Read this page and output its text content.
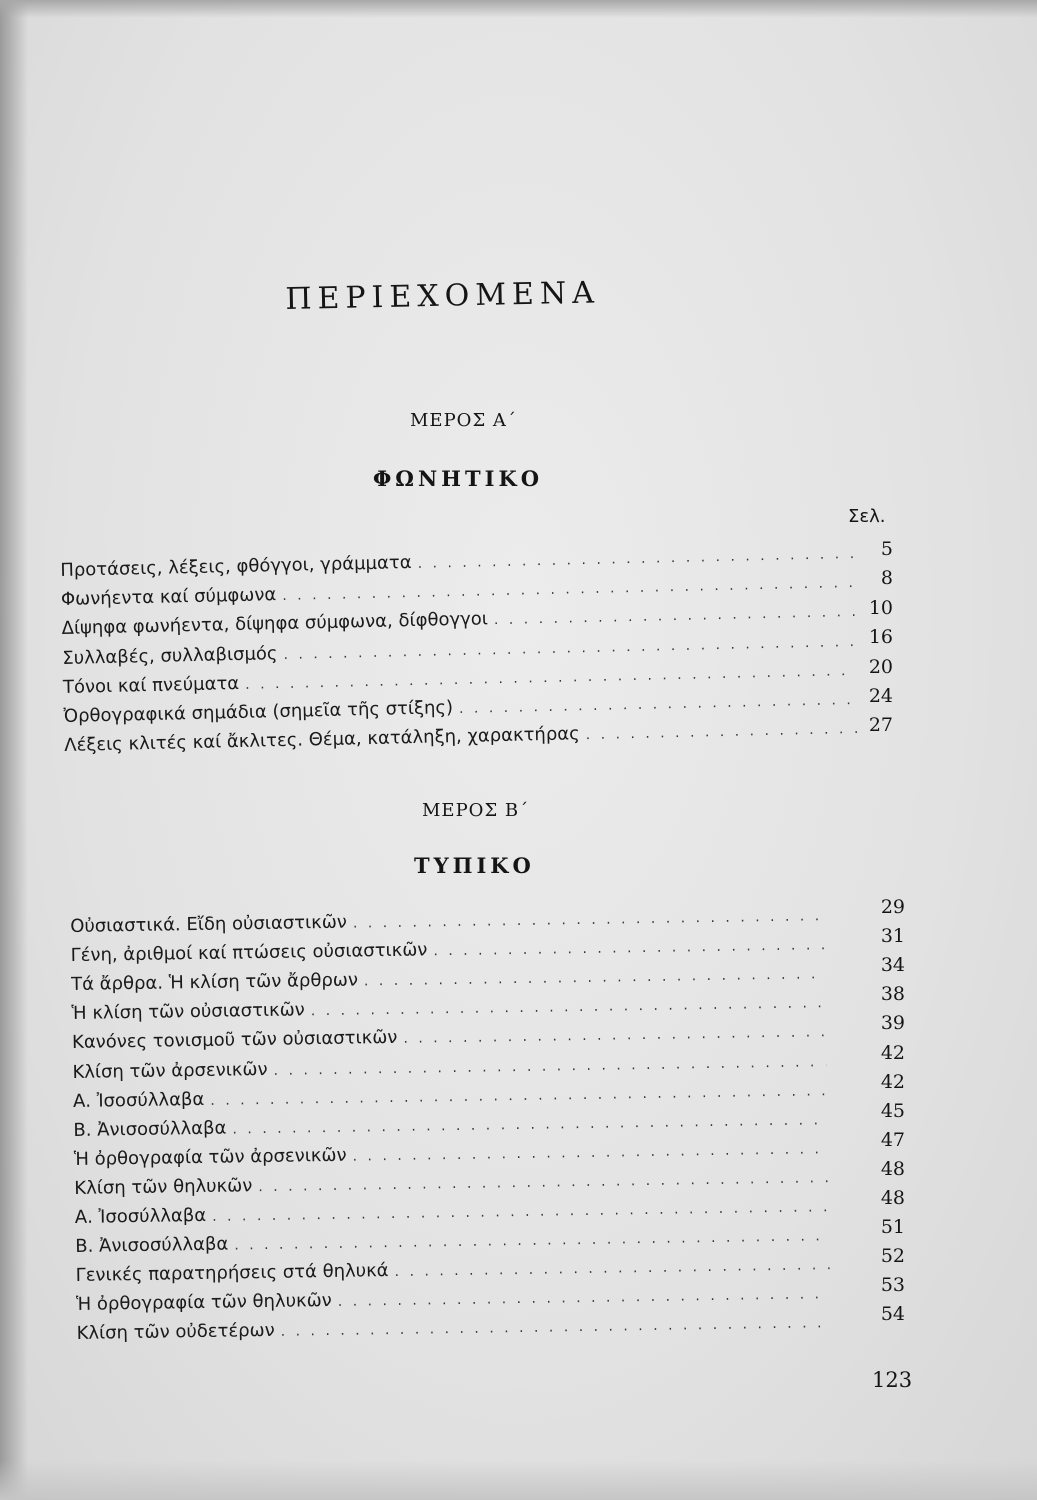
ΠΕΡΙΕΧΟΜΕΝΑ
ΜΕΡΟΣ Α΄
ΦΩΝΗΤΙΚΟ
Σελ.
Προτάσεις, λέξεις, φθόγγοι, γράμματα
. . .
Φωνήεντα καί σύμφωνα
. . .
Δίψηφα φωνήεντα, δίψηφα σύμφωνα, δίφθογγοι
. . .
Συλλαβές, συλλαβισμός
. . .
Τόνοι καί πνεύματα
. . .
Ὀρθογραφικά σημάδια (σημεῖα τῆς στίξης)
. . .
Λέξεις κλιτές καί ἄκλιτες. Θέμα, κατάληξη, χαρακτήρας
. . .
5
8
10
16
20
24
27
ΜΕΡΟΣ Β΄
ΤΥΠΙΚΟ
Οὐσιαστικά. Εἴδη οὐσιαστικῶν
. . .
Γένη, ἀριθμοί καί πτώσεις οὐσιαστικῶν
. . .
Τά ἄρθρα. Ἡ κλίση τῶν ἄρθρων
. . .
Ἡ κλίση τῶν οὐσιαστικῶν
. . .
Κανόνες τονισμοῦ τῶν οὐσιαστικῶν
. . .
Κλίση τῶν ἀρσενικῶν
. . .
Α. Ἰσοσύλλαβα
. . .
Β. Ἀνισοσύλλαβα
. . .
Ἡ ὀρθογραφία τῶν ἀρσενικῶν
. . .
Κλίση τῶν θηλυκῶν
. . .
Α. Ἰσοσύλλαβα
. . .
Β. Ἀνισοσύλλαβα
. . .
Γενικές παρατηρήσεις στά θηλυκά
. . .
Ἡ ὀρθογραφία τῶν θηλυκῶν
. . .
Κλίση τῶν οὐδετέρων
. . .
29
31
34
38
39
42
42
45
47
48
48
51
52
53
54
123
